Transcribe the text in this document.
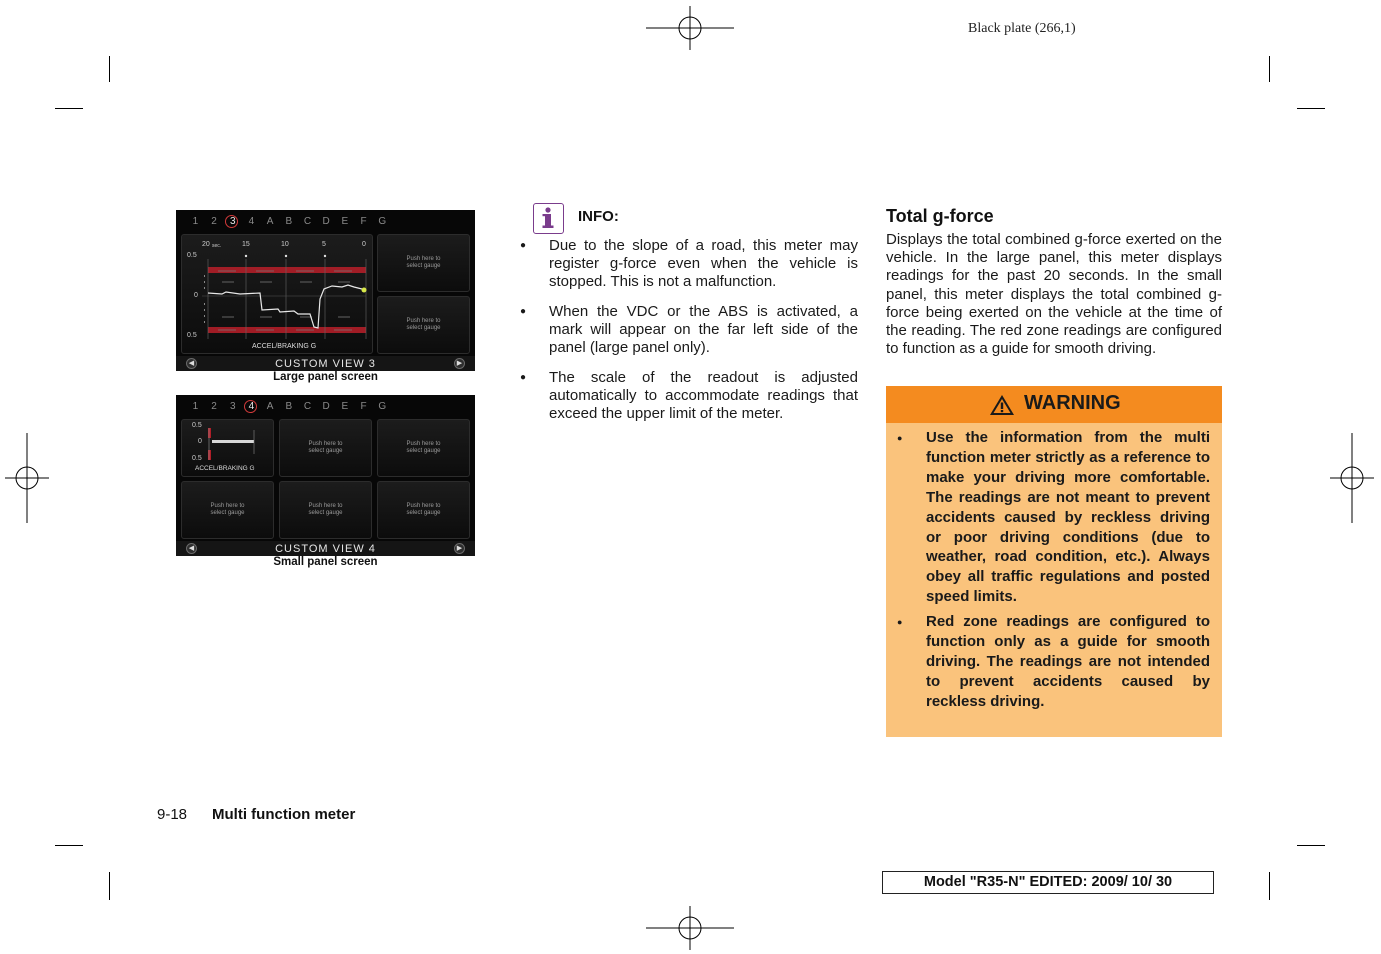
Black plate (266,1)
1	2	3	4	A	B	C	D	E	F	G
20 sec.	15	10	5	0
0.5
0
0.5
ACCEL/BRAKING G
Push here to
select gauge
Push here to
select gauge
◀	CUSTOM VIEW 3	▶
Large panel screen
1	2	3	4	A	B	C	D	E	F	G
0.5
0
0.5
ACCEL/BRAKING G
Push here to
select gauge
Push here to
select gauge
Push here to
select gauge
Push here to
select gauge
Push here to
select gauge
◀	CUSTOM VIEW 4	▶
Small panel screen
INFO:
● Due to the slope of a road, this meter may register g-force even when the vehicle is stopped. This is not a malfunction.
● When the VDC or the ABS is activated, a mark will appear on the far left side of the panel (large panel only).
● The scale of the readout is adjusted automatically to accommodate readings that exceed the upper limit of the meter.
Total g-force
Displays the total combined g-force exerted on the vehicle. In the large panel, this meter displays readings for the past 20 seconds. In the small panel, this meter displays the total combined g-force being exerted on the vehicle at the time of the reading. The red zone readings are configured to function as a guide for smooth driving.
WARNING
● Use the information from the multi function meter strictly as a reference to make your driving more comfortable. The readings are not meant to prevent accidents caused by reckless driving or poor driving conditions (due to weather, road condition, etc.). Always obey all traffic regulations and posted speed limits.
● Red zone readings are configured to function only as a guide for smooth driving. The readings are not intended to prevent accidents caused by reckless driving.
9-18 Multi function meter
Model "R35-N" EDITED: 2009/ 10/ 30
